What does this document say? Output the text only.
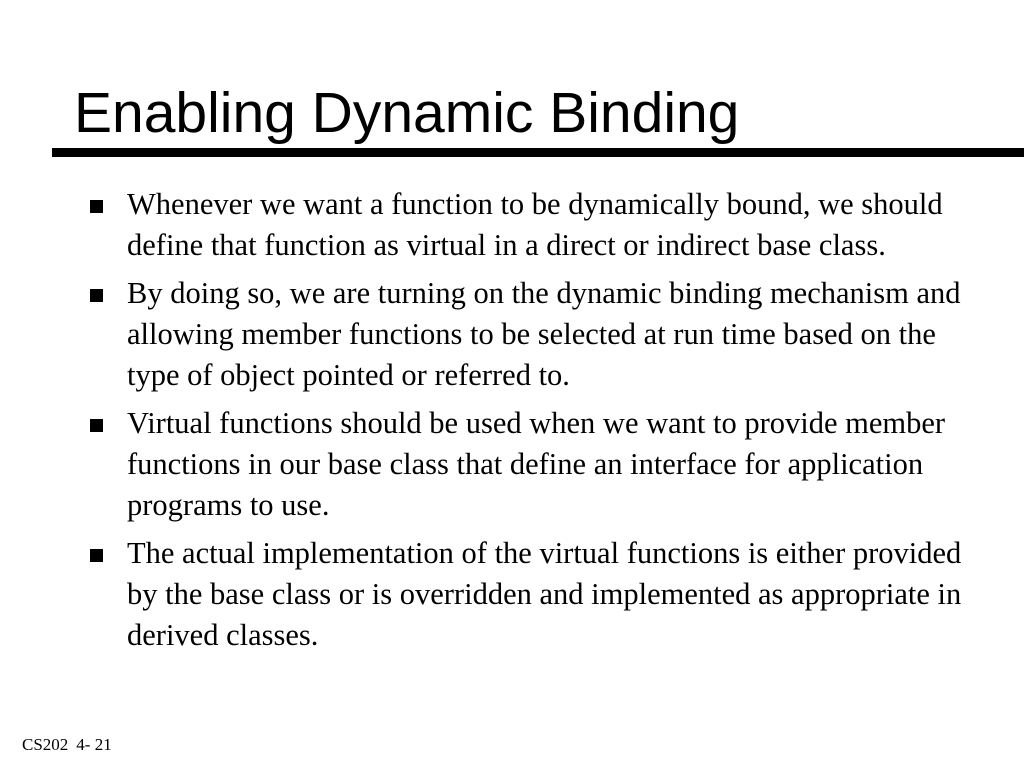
Enabling Dynamic Binding
Whenever we want a function to be dynamically bound, we should define that function as virtual in a direct or indirect base class.
By doing so, we are turning on the dynamic binding mechanism and allowing member functions to be selected at run time based on the type of object pointed or referred to.
Virtual functions should be used when we want to provide member functions in our base class that define an interface for application programs to use.
The actual implementation of the virtual functions is either provided by the base class or is overridden and implemented as appropriate in derived classes.
CS202 4- 21
